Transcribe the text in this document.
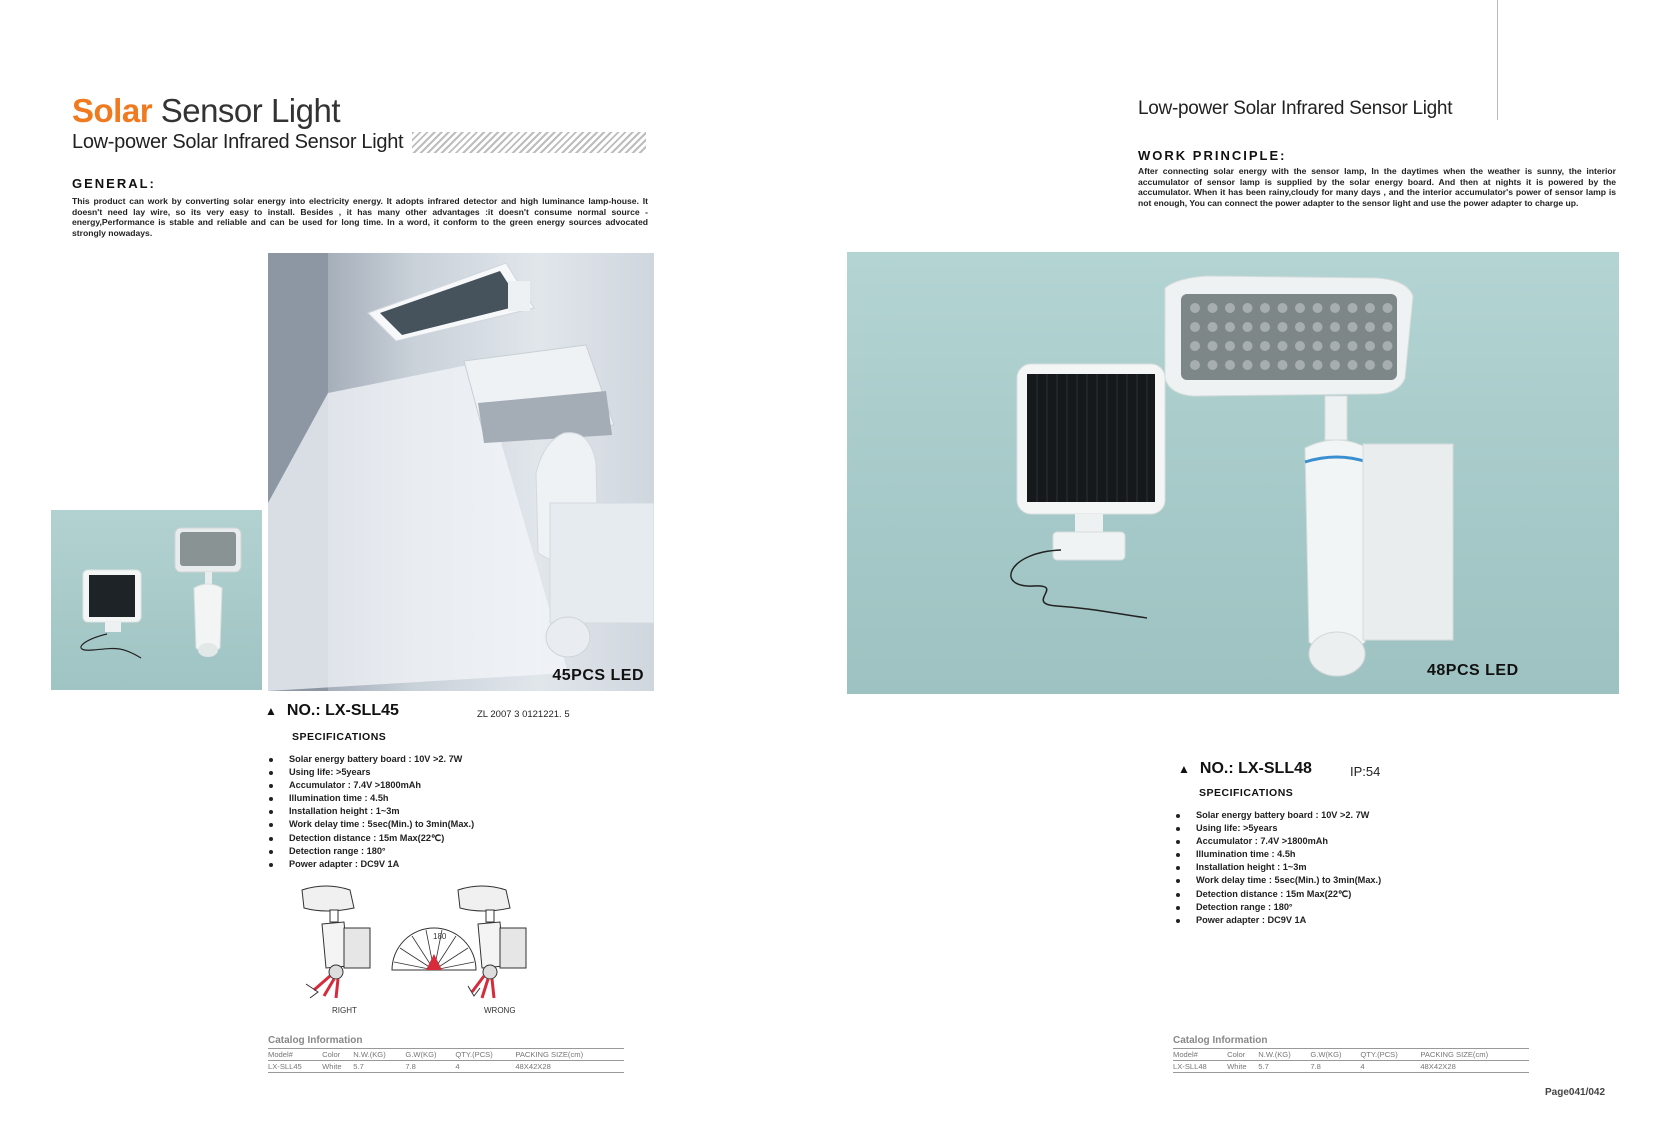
Solar Sensor Light
Low-power Solar Infrared Sensor Light
GENERAL:
This product can work by converting solar energy into electricity energy. It adopts infrared detector and high luminance lamp-house. It doesn't need lay wire, so its very easy to install. Besides , it has many other advantages :it doesn't consume normal source -energy,Performance is stable and reliable and can be used for long time. In a word, it conform to the green energy sources advocated strongly nowadays.
45PCS LED
▲ NO.: LX-SLL45	ZL 2007 3 0121221. 5
SPECIFICATIONS
Solar energy battery board : 10V >2. 7W
Using life: >5years
Accumulator : 7.4V >1800mAh
Illumination time : 4.5h
Installation height : 1~3m
Work delay time : 5sec(Min.) to 3min(Max.)
Detection distance : 15m Max(22℃)
Detection range : 180°
Power adapter : DC9V 1A
180
RIGHT	WRONG
Catalog Information
Model#	Color	N.W.(KG)	G.W(KG)	QTY.(PCS)	PACKING SIZE(cm)
LX-SLL45	White	5.7	7.8	4	48X42X28
Low-power Solar Infrared Sensor Light
WORK PRINCIPLE:
After connecting solar energy with the sensor lamp, In the daytimes when the weather is sunny, the interior accumulator of sensor lamp is supplied by the solar energy board. And then at nights it is powered by the accumulator. When it has been rainy,cloudy for many days , and the interior accumulator's power of sensor lamp is not enough, You can connect the power adapter to the sensor light and use the power adapter to charge up.
48PCS LED
▲ NO.: LX-SLL48	IP:54
SPECIFICATIONS
Solar energy battery board : 10V >2. 7W
Using life: >5years
Accumulator : 7.4V >1800mAh
Illumination time : 4.5h
Installation height : 1~3m
Work delay time : 5sec(Min.) to 3min(Max.)
Detection distance : 15m Max(22℃)
Detection range : 180°
Power adapter : DC9V 1A
Catalog Information
Model#	Color	N.W.(KG)	G.W(KG)	QTY.(PCS)	PACKING SIZE(cm)
LX-SLL48	White	5.7	7.8	4	48X42X28
Page041/042
